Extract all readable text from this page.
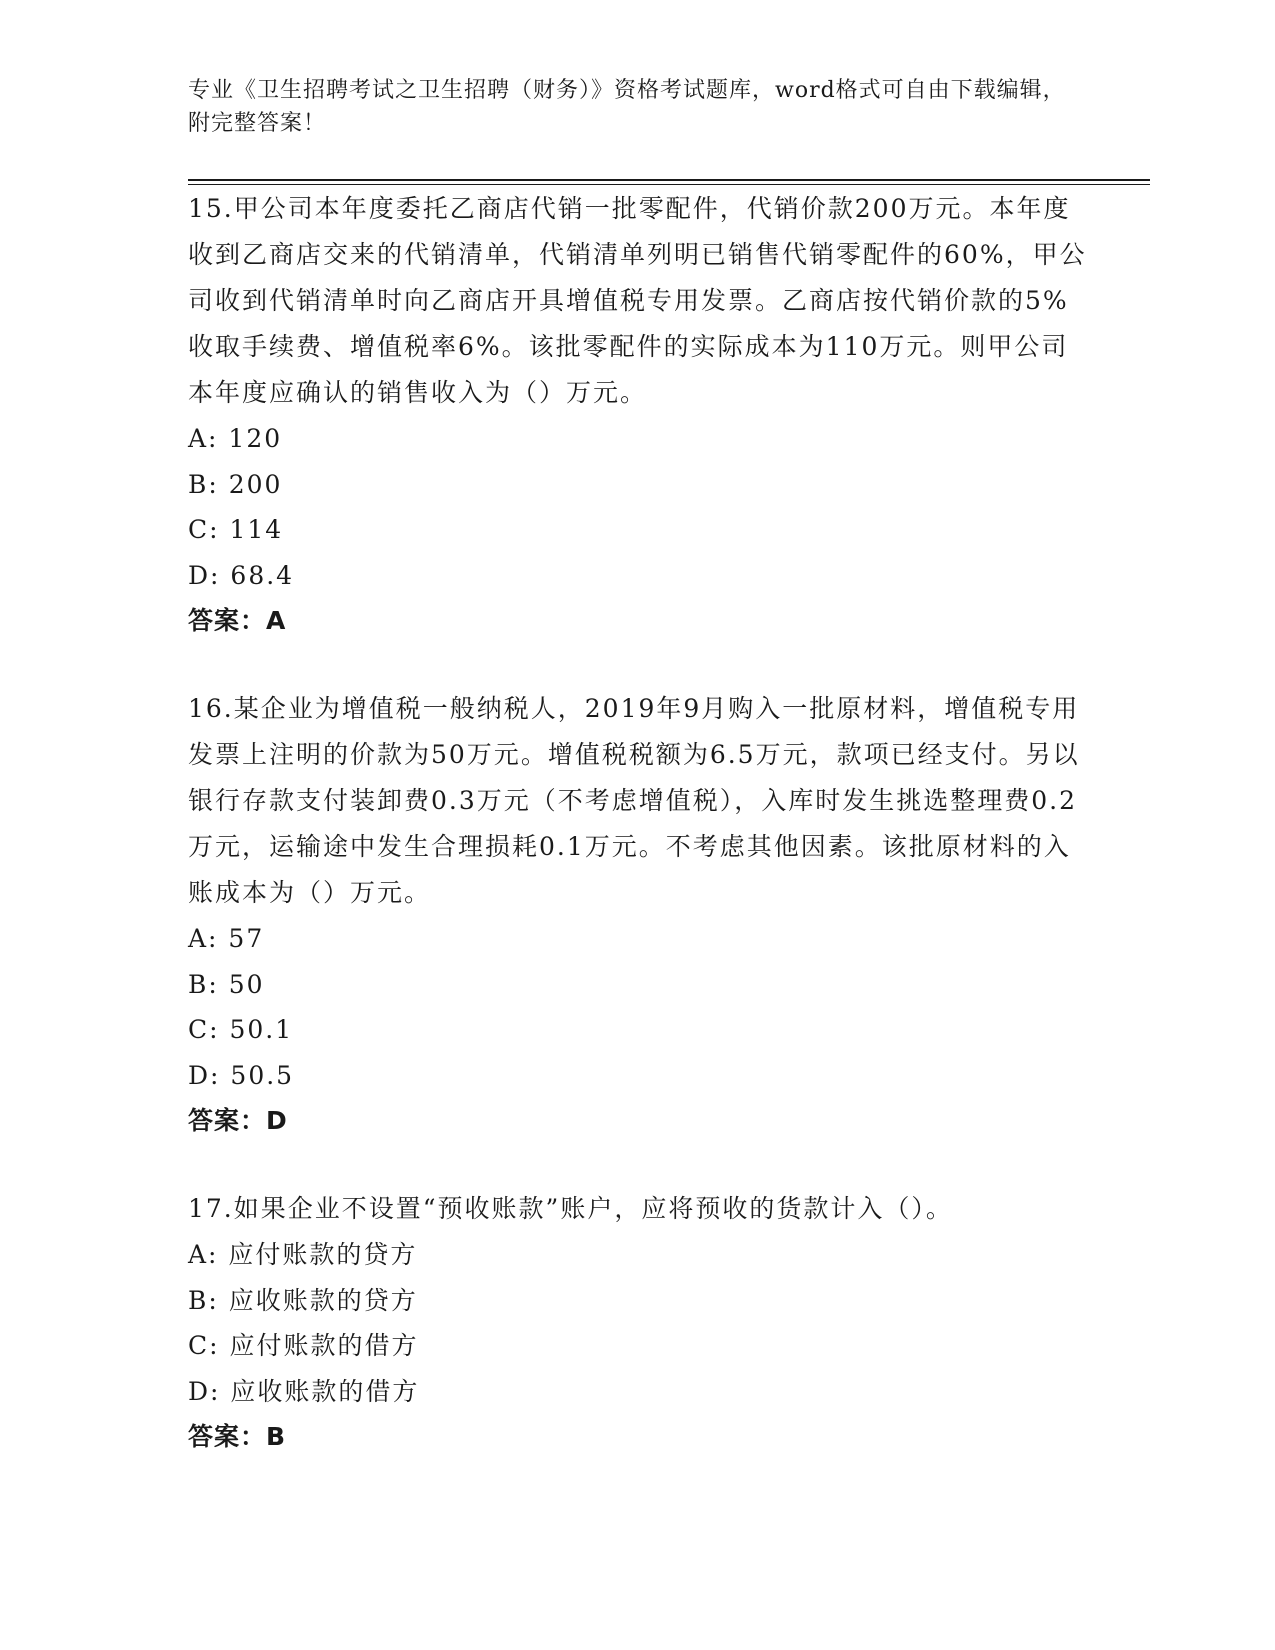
专业《卫生招聘考试之卫生招聘（财务）》资格考试题库，word格式可自由下载编辑，附完整答案！

15.甲公司本年度委托乙商店代销一批零配件，代销价款200万元。本年度收到乙商店交来的代销清单，代销清单列明已销售代销零配件的60%，甲公司收到代销清单时向乙商店开具增值税专用发票。乙商店按代销价款的5%收取手续费、增值税率6%。该批零配件的实际成本为110万元。则甲公司本年度应确认的销售收入为（）万元。

A: 120

B: 200

C: 114

D: 68.4

答案：A

16.某企业为增值税一般纳税人，2019年9月购入一批原材料，增值税专用发票上注明的价款为50万元。增值税税额为6.5万元，款项已经支付。另以银行存款支付装卸费0.3万元（不考虑增值税），入库时发生挑选整理费0.2万元，运输途中发生合理损耗0.1万元。不考虑其他因素。该批原材料的入账成本为（）万元。

A: 57

B: 50

C: 50.1

D: 50.5

答案：D

17.如果企业不设置“预收账款”账户，应将预收的货款计入（）。

A: 应付账款的贷方

B: 应收账款的贷方

C: 应付账款的借方

D: 应收账款的借方

答案：B
